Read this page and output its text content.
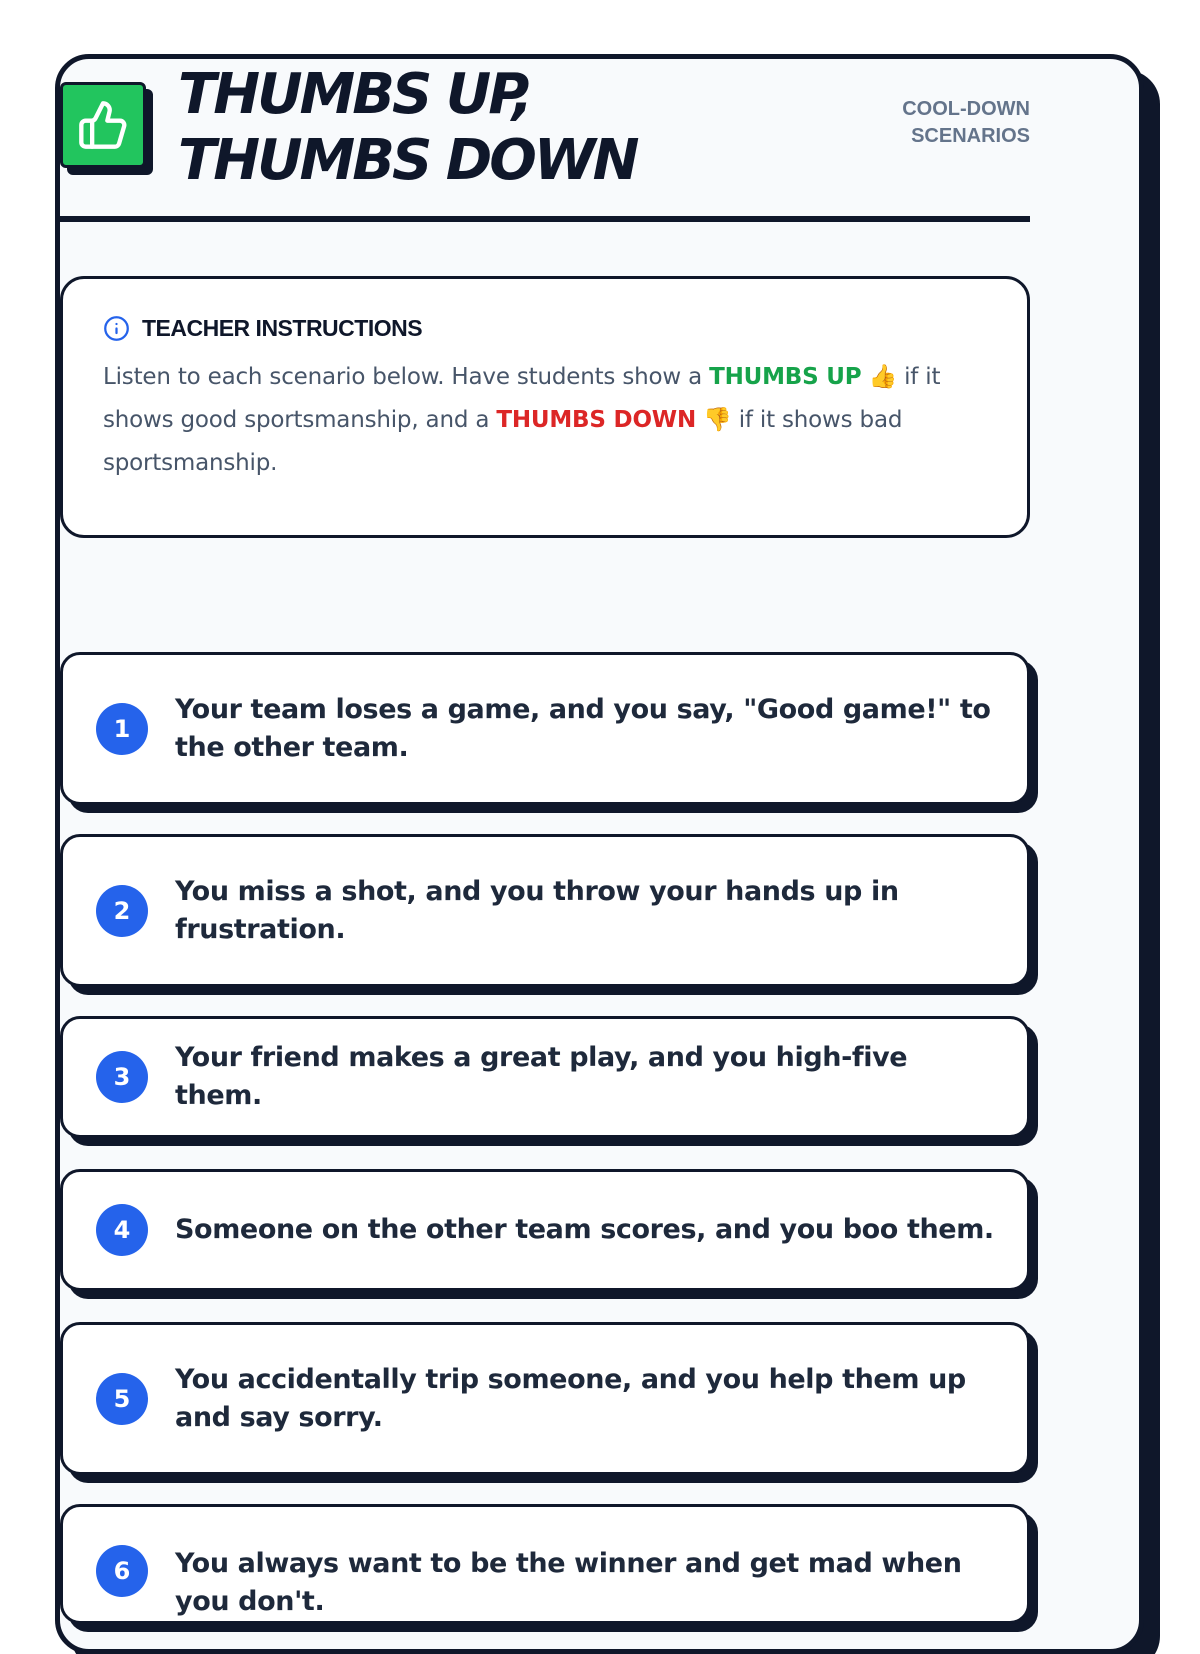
THUMBS UP,
THUMBS DOWN
COOL-DOWN
SCENARIOS
TEACHER INSTRUCTIONS

Listen to each scenario below. Have students show a THUMBS UP 👍 if it shows good sportsmanship, and a THUMBS DOWN 👎 if it shows bad sportsmanship.

1
Your team loses a game, and you say, "Good game!" to the other team.
2
You miss a shot, and you throw your hands up in frustration.
3
Your friend makes a great play, and you high-five them.
4	Someone on the other team scores, and you boo them.
5
You accidentally trip someone, and you help them up and say sorry.
6	You always want to be the winner and get mad when you don't.
